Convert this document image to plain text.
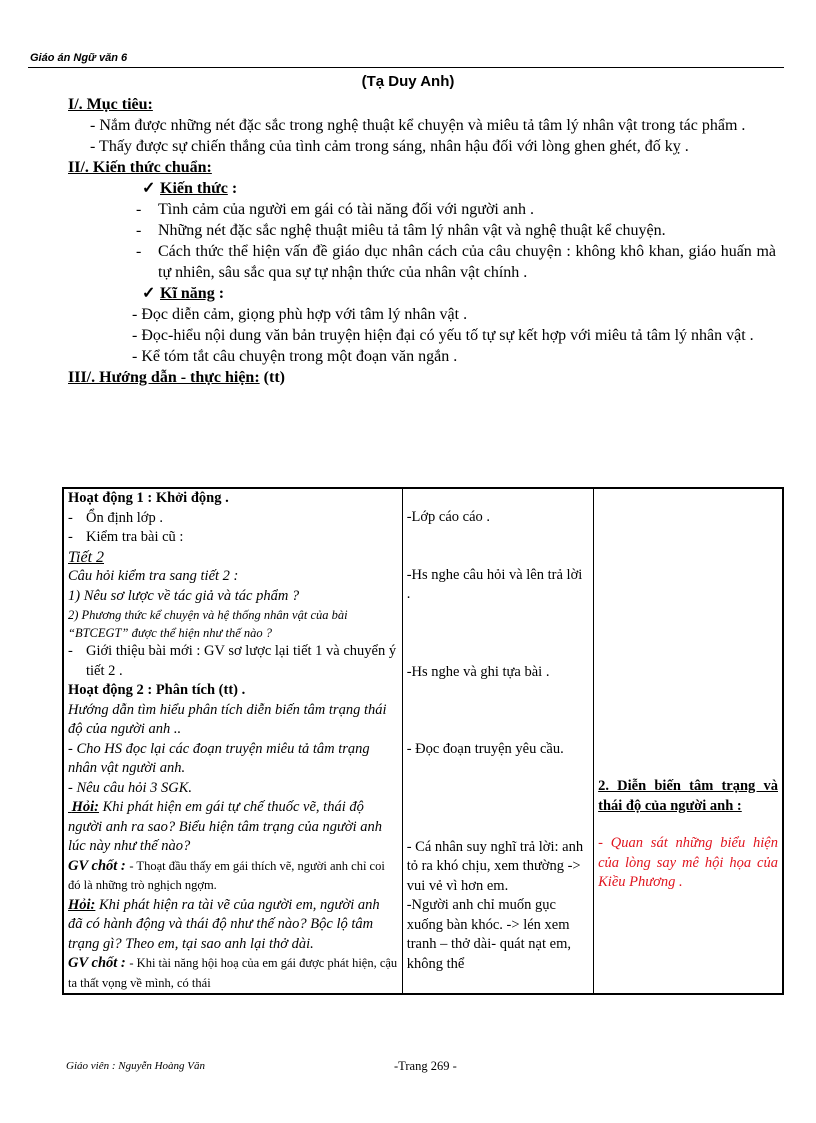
Giáo án Ngữ văn 6
(Tạ Duy Anh)
I/. Mục tiêu:
- Nắm được những nét đặc sắc trong nghệ thuật kể chuyện và miêu tả tâm lý nhân vật trong tác phẩm .
- Thấy được sự chiến thắng của tình cảm trong sáng, nhân hậu đối với lòng ghen ghét, đố kỵ .
II/. Kiến thức chuẩn:
✓ Kiến thức :
- Tình cảm của người em gái có tài năng đối với người anh .
- Những nét đặc sắc nghệ thuật miêu tả tâm lý nhân vật và nghệ thuật kể chuyện.
- Cách thức thể hiện vấn đề giáo dục nhân cách của câu chuyện : không khô khan, giáo huấn mà tự nhiên, sâu sắc qua sự tự nhận thức của nhân vật chính .
✓ Kĩ năng :
- Đọc diễn cảm, giọng phù hợp với tâm lý nhân vật .
- Đọc-hiểu nội dung văn bản truyện hiện đại có yếu tố tự sự kết hợp với miêu tả tâm lý nhân vật .
- Kể tóm tắt câu chuyện trong một đoạn văn ngắn .
III/. Hướng dẫn - thực hiện: (tt)
Hoạt động 1 : Khởi động .
- Ổn định lớp .
- Kiểm tra bài cũ :
Tiết 2
Câu hỏi kiểm tra sang tiết 2 :
1) Nêu sơ lược về tác giả và tác phẩm ?
2) Phương thức kể chuyện và hệ thống nhân vật của bài “BTCEGT” được thể hiện như thế nào ?
- Giới thiệu bài mới : GV sơ lược lại tiết 1 và chuyển ý tiết 2 .
Hoạt động 2 : Phân tích (tt) .
Hướng dẫn tìm hiểu phân tích diễn biến tâm trạng thái độ của người anh ..
- Cho HS đọc lại các đoạn truyện miêu tả tâm trạng nhân vật người anh.
- Nêu câu hỏi 3 SGK.
Hỏi: Khi phát hiện em gái tự chế thuốc vẽ, thái độ người anh ra sao? Biểu hiện tâm trạng của người anh lúc này như thế nào?
GV chốt : - Thoạt đầu thấy em gái thích vẽ, người anh chỉ coi đó là những trò nghịch ngợm.
Hỏi: Khi phát hiện ra tài vẽ của người em, người anh đã có hành động và thái độ như thế nào? Bộc lộ tâm trạng gì? Theo em, tại sao anh lại thở dài.
GV chốt : - Khi tài năng hội hoạ của em gái được phát hiện, cậu ta thất vọng về mình, có thái

-Lớp cáo cáo .
-Hs nghe câu hỏi và lên trả lời .
-Hs nghe và ghi tựa bài .
- Đọc đoạn truyện yêu cầu.
- Cá nhân suy nghĩ trả lời: anh tỏ ra khó chịu, xem thường -> vui vẻ vì hơn em.
-Người anh chỉ muốn gục xuống bàn khóc. -> lén xem tranh – thở dài- quát nạt em, không thể

2. Diễn biến tâm trạng và thái độ của người anh :
- Quan sát những biểu hiện của lòng say mê hội họa của Kiều Phương .
Giáo viên : Nguyễn Hoàng Văn	-Trang 269 -
